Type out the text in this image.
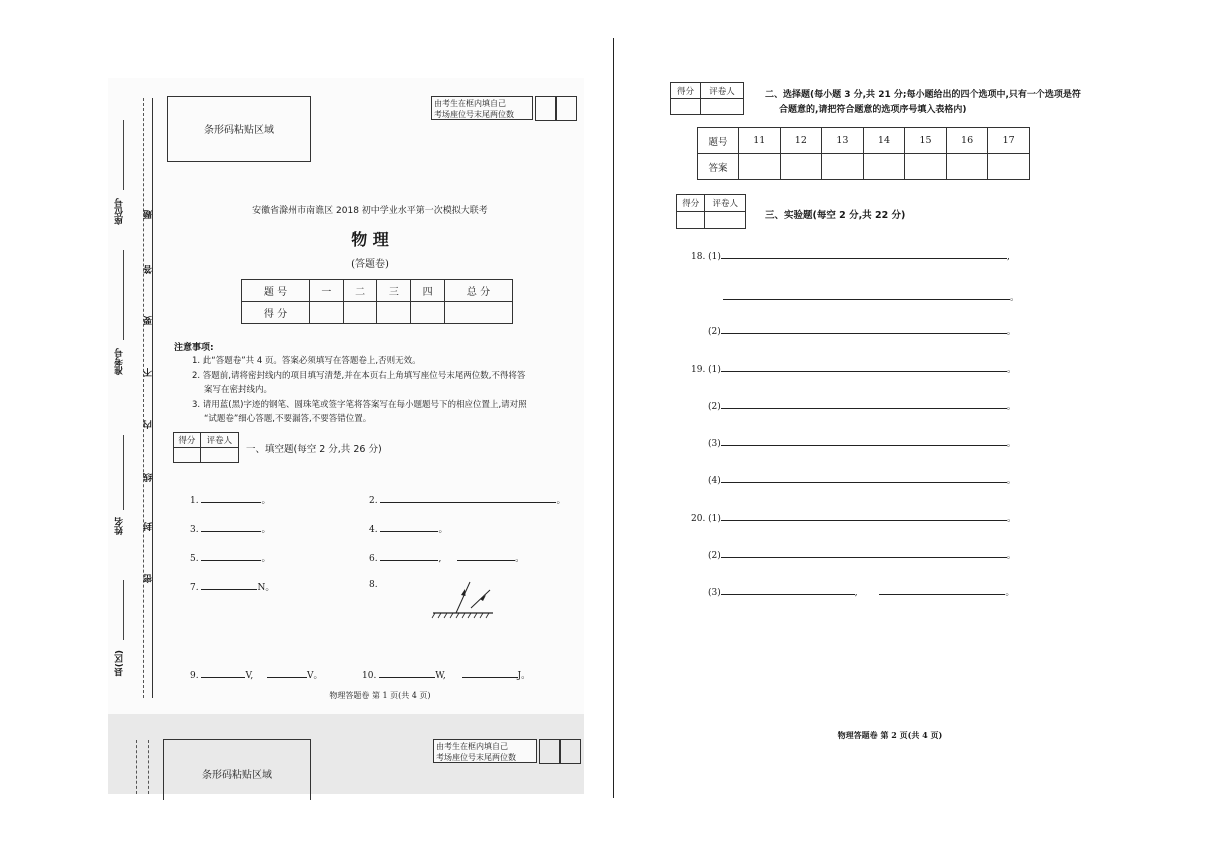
座位号
准考号
姓名
县(区)
题
答
要
不
内
线
封
密
条形码粘贴区域
由考生在框内填自己
考场座位号末尾两位数
安徽省滁州市南谯区 2018 初中学业水平第一次模拟大联考
物 理
(答题卷)
题 号	一	二	三	四	总 分
得 分					
注意事项:
1. 此“答题卷”共 4 页。答案必须填写在答题卷上,否则无效。
2. 答题前,请将密封线内的项目填写清楚,并在本页右上角填写座位号末尾两位数,不得将答
案写在密封线内。
3. 请用蓝(黑)字迹的钢笔、圆珠笔或签字笔将答案写在每小题题号下的相应位置上,请对照
“试题卷”细心答题,不要漏答,不要答错位置。
得分	评卷人

一、填空题(每空 2 分,共 26 分)
1.	。	2.	。
3.	。	4.	。
5.	。	6.	,	。
7.	N。	8.
9.	V,	V。	10.	W,	J。
物理答题卷 第 1 页(共 4 页)
条形码粘贴区域
由考生在框内填自己
考场座位号末尾两位数
得分	评卷人
		二、选择题(每小题 3 分,共 21 分;每小题给出的四个选项中,只有一个选项是符
合题意的,请把符合题意的选项序号填入表格内)
题号	11	12	13	14	15	16	17
答案							
得分	评卷人

三、实验题(每空 2 分,共 22 分)
18. (1)	,
。
(2)	。
19. (1)	。
(2)	。
(3)	。
(4)	。
20. (1)	。
(2)	。
(3)	,	。
物理答题卷 第 2 页(共 4 页)
